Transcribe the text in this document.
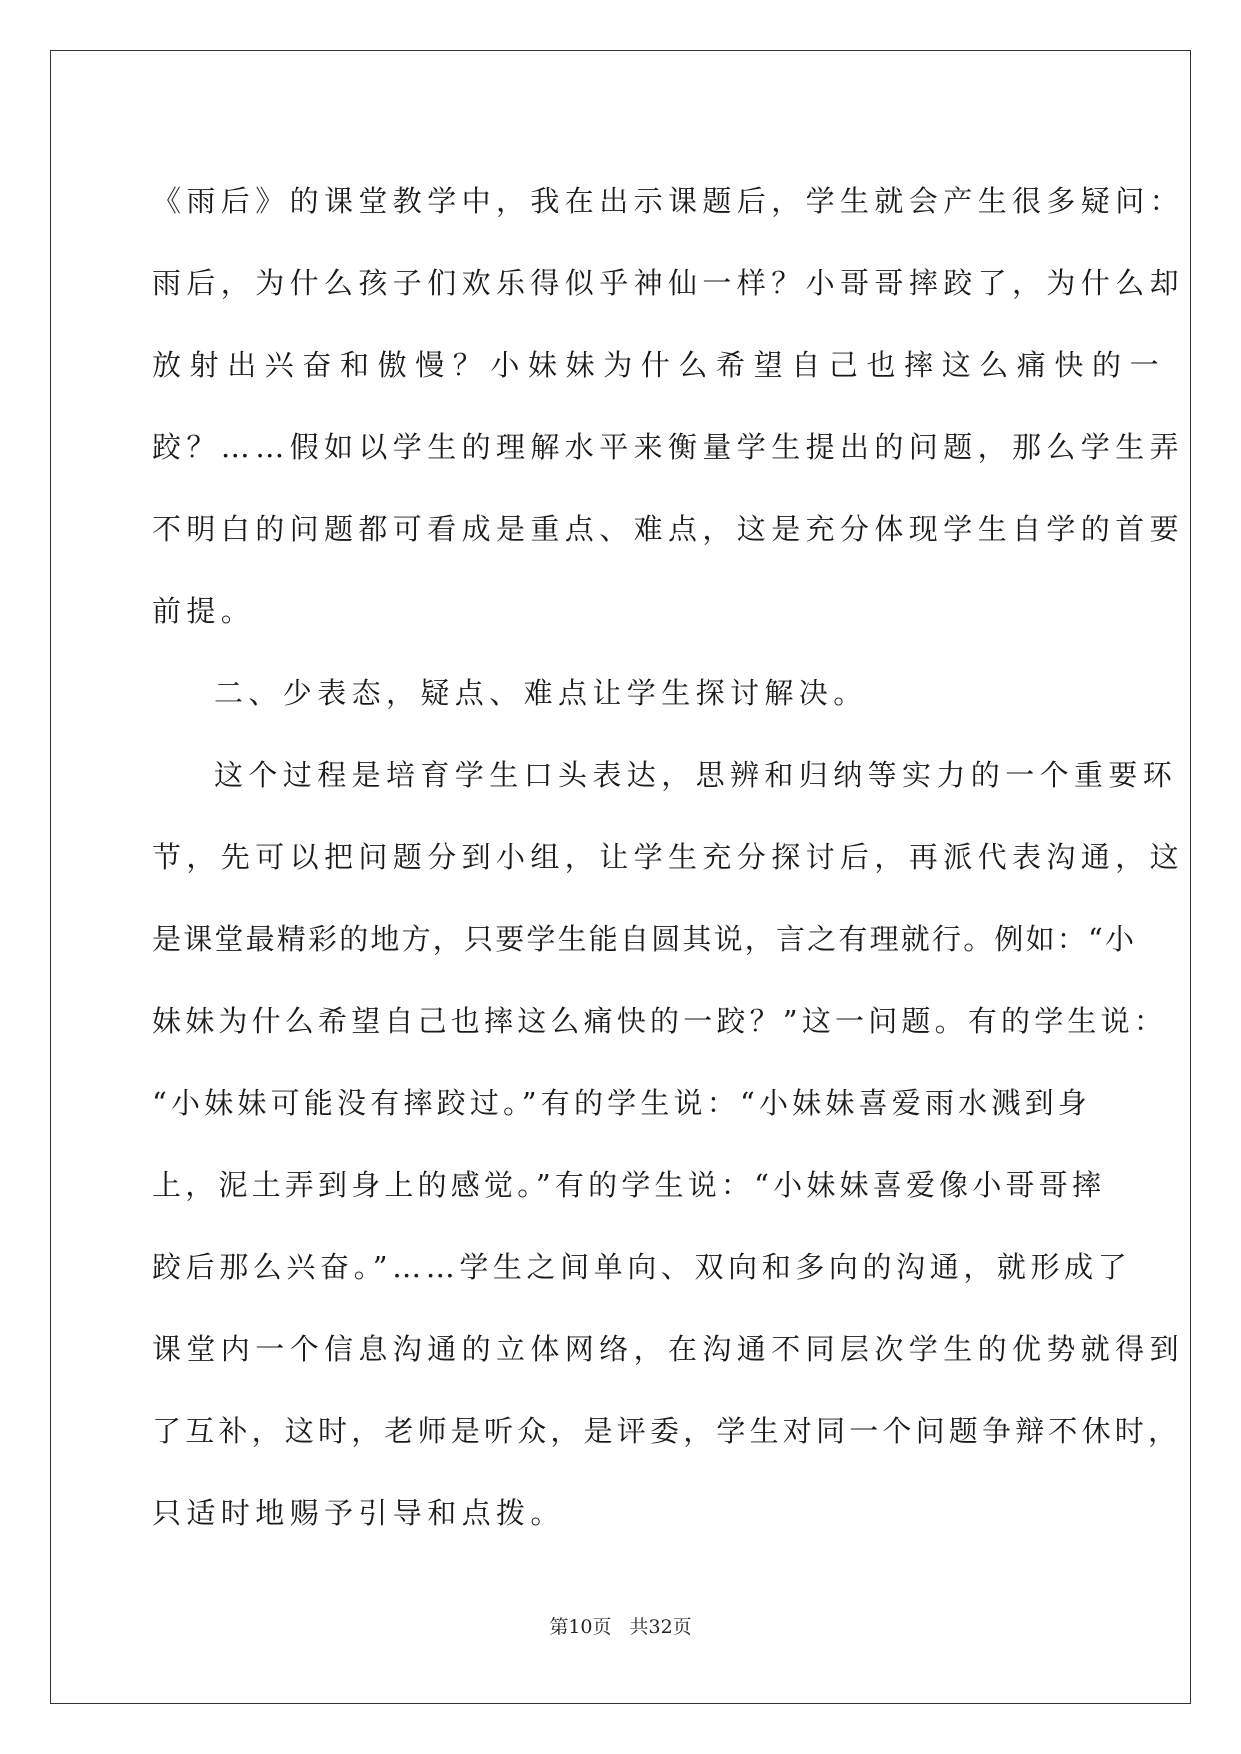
《雨后》的课堂教学中，我在出示课题后，学生就会产生很多疑问：
雨后，为什么孩子们欢乐得似乎神仙一样？小哥哥摔跤了，为什么却
放射出兴奋和傲慢？小妹妹为什么希望自己也摔这么痛快的一
跤？……假如以学生的理解水平来衡量学生提出的问题，那么学生弄
不明白的问题都可看成是重点、难点，这是充分体现学生自学的首要
前提。
二、少表态，疑点、难点让学生探讨解决。
这个过程是培育学生口头表达，思辨和归纳等实力的一个重要环
节，先可以把问题分到小组，让学生充分探讨后，再派代表沟通，这
是课堂最精彩的地方，只要学生能自圆其说，言之有理就行。例如：“小
妹妹为什么希望自己也摔这么痛快的一跤？”这一问题。有的学生说：
“小妹妹可能没有摔跤过。”有的学生说：“小妹妹喜爱雨水溅到身
上，泥土弄到身上的感觉。”有的学生说：“小妹妹喜爱像小哥哥摔
跤后那么兴奋。”……学生之间单向、双向和多向的沟通，就形成了
课堂内一个信息沟通的立体网络，在沟通不同层次学生的优势就得到
了互补，这时，老师是听众，是评委，学生对同一个问题争辩不休时，
只适时地赐予引导和点拨。
第10页 共32页
